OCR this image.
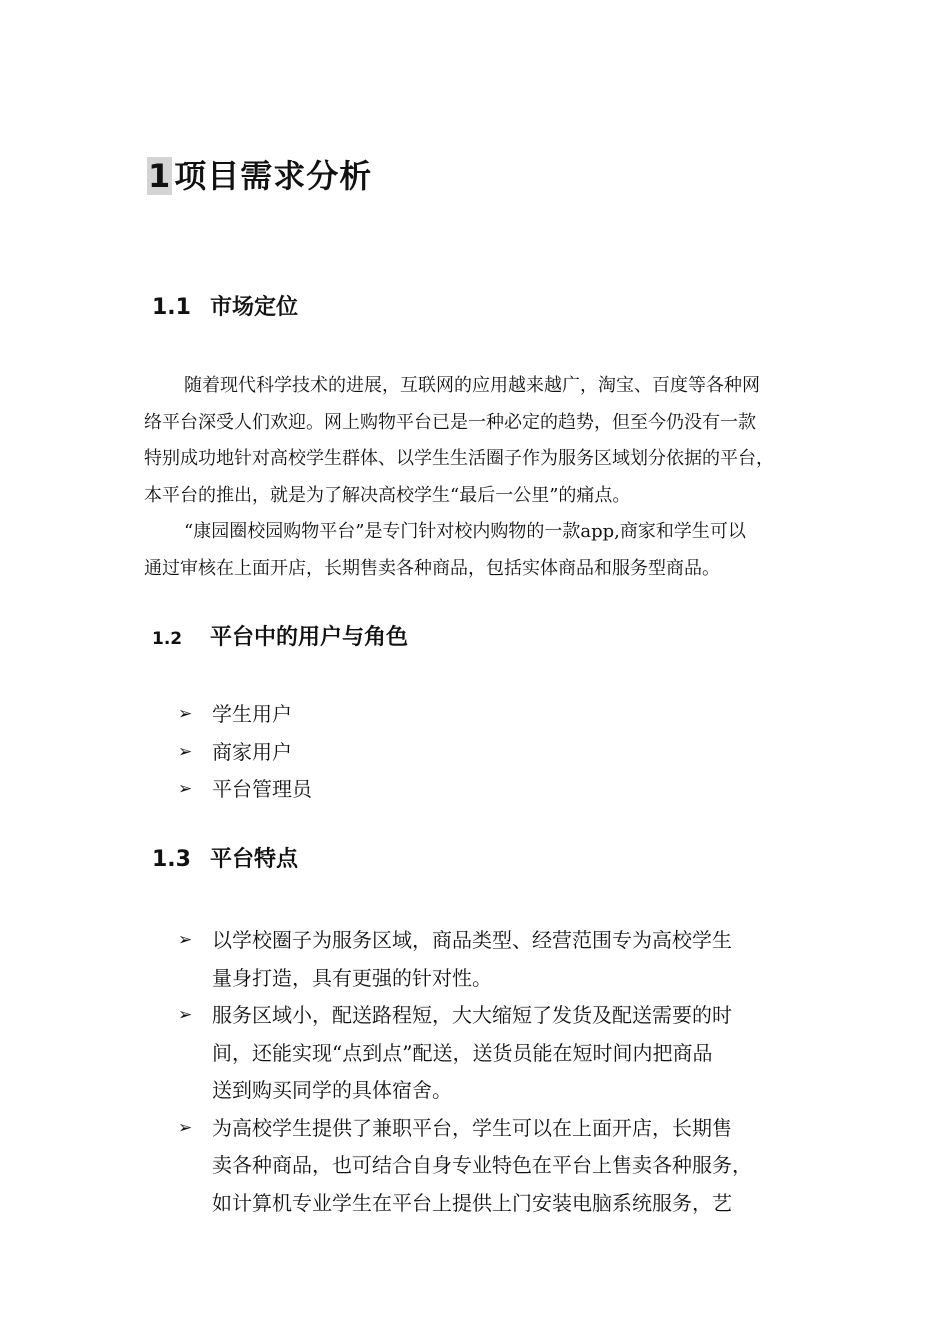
1项目需求分析
1.1 市场定位
随着现代科学技术的进展，互联网的应用越来越广，淘宝、百度等各种网
络平台深受人们欢迎。网上购物平台已是一种必定的趋势，但至今仍没有一款
特别成功地针对高校学生群体、以学生生活圈子作为服务区域划分依据的平台，
本平台的推出，就是为了解决高校学生“最后一公里”的痛点。
“康园圈校园购物平台”是专门针对校内购物的一款app,商家和学生可以
通过审核在上面开店，长期售卖各种商品，包括实体商品和服务型商品。
1.2 平台中的用户与角色
➢ 学生用户
➢ 商家用户
➢ 平台管理员
1.3 平台特点
➢ 以学校圈子为服务区域，商品类型、经营范围专为高校学生
量身打造，具有更强的针对性。
➢ 服务区域小，配送路程短，大大缩短了发货及配送需要的时
间，还能实现“点到点”配送，送货员能在短时间内把商品
送到购买同学的具体宿舍。
➢ 为高校学生提供了兼职平台，学生可以在上面开店，长期售
卖各种商品，也可结合自身专业特色在平台上售卖各种服务，
如计算机专业学生在平台上提供上门安装电脑系统服务，艺
